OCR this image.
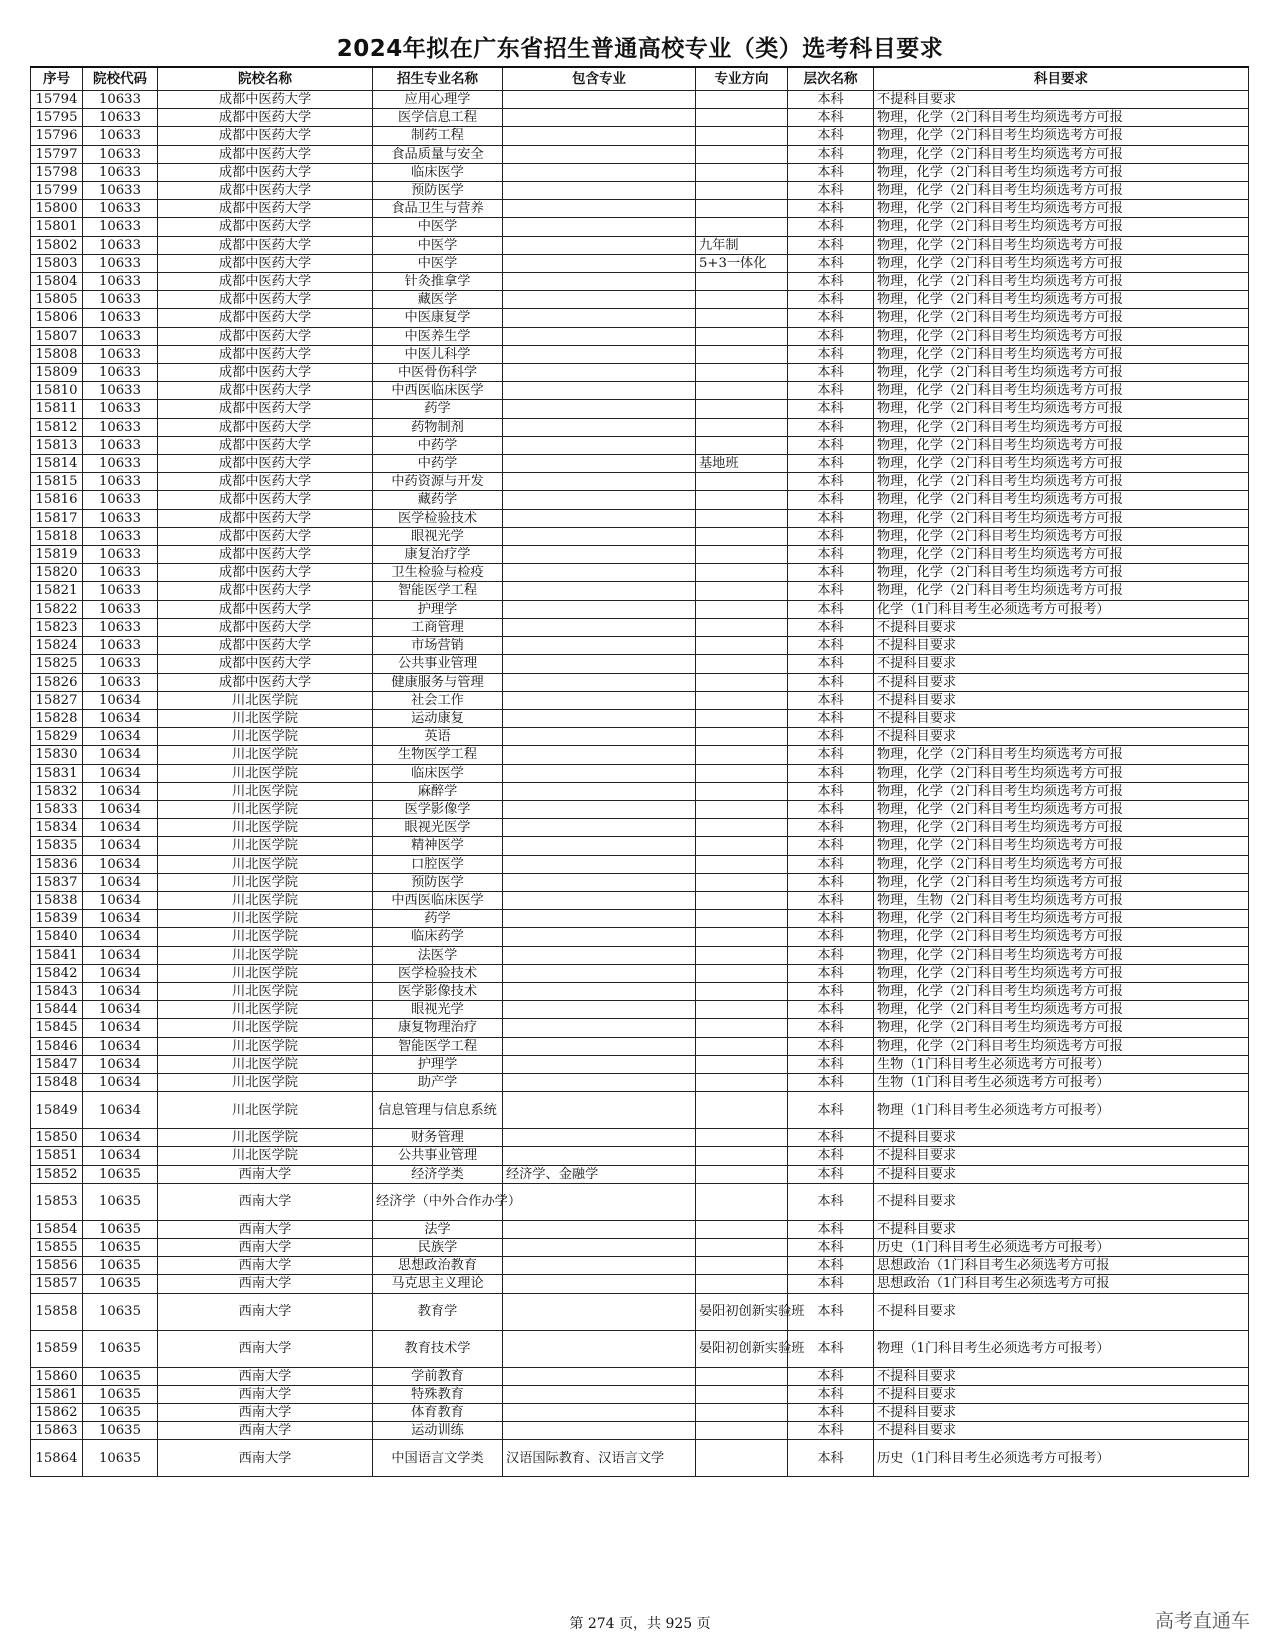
2024年拟在广东省招生普通高校专业（类）选考科目要求
序号	院校代码	院校名称	招生专业名称	包含专业	专业方向	层次名称	科目要求
15794	10633	成都中医药大学	应用心理学			本科	不提科目要求
15795	10633	成都中医药大学	医学信息工程			本科	物理，化学（2门科目考生均须选考方可报
15796	10633	成都中医药大学	制药工程			本科	物理，化学（2门科目考生均须选考方可报
15797	10633	成都中医药大学	食品质量与安全			本科	物理，化学（2门科目考生均须选考方可报
15798	10633	成都中医药大学	临床医学			本科	物理，化学（2门科目考生均须选考方可报
15799	10633	成都中医药大学	预防医学			本科	物理，化学（2门科目考生均须选考方可报
15800	10633	成都中医药大学	食品卫生与营养			本科	物理，化学（2门科目考生均须选考方可报
15801	10633	成都中医药大学	中医学			本科	物理，化学（2门科目考生均须选考方可报
15802	10633	成都中医药大学	中医学		九年制	本科	物理，化学（2门科目考生均须选考方可报
15803	10633	成都中医药大学	中医学		5+3一体化	本科	物理，化学（2门科目考生均须选考方可报
15804	10633	成都中医药大学	针灸推拿学			本科	物理，化学（2门科目考生均须选考方可报
15805	10633	成都中医药大学	藏医学			本科	物理，化学（2门科目考生均须选考方可报
15806	10633	成都中医药大学	中医康复学			本科	物理，化学（2门科目考生均须选考方可报
15807	10633	成都中医药大学	中医养生学			本科	物理，化学（2门科目考生均须选考方可报
15808	10633	成都中医药大学	中医儿科学			本科	物理，化学（2门科目考生均须选考方可报
15809	10633	成都中医药大学	中医骨伤科学			本科	物理，化学（2门科目考生均须选考方可报
15810	10633	成都中医药大学	中西医临床医学			本科	物理，化学（2门科目考生均须选考方可报
15811	10633	成都中医药大学	药学			本科	物理，化学（2门科目考生均须选考方可报
15812	10633	成都中医药大学	药物制剂			本科	物理，化学（2门科目考生均须选考方可报
15813	10633	成都中医药大学	中药学			本科	物理，化学（2门科目考生均须选考方可报
15814	10633	成都中医药大学	中药学		基地班	本科	物理，化学（2门科目考生均须选考方可报
15815	10633	成都中医药大学	中药资源与开发			本科	物理，化学（2门科目考生均须选考方可报
15816	10633	成都中医药大学	藏药学			本科	物理，化学（2门科目考生均须选考方可报
15817	10633	成都中医药大学	医学检验技术			本科	物理，化学（2门科目考生均须选考方可报
15818	10633	成都中医药大学	眼视光学			本科	物理，化学（2门科目考生均须选考方可报
15819	10633	成都中医药大学	康复治疗学			本科	物理，化学（2门科目考生均须选考方可报
15820	10633	成都中医药大学	卫生检验与检疫			本科	物理，化学（2门科目考生均须选考方可报
15821	10633	成都中医药大学	智能医学工程			本科	物理，化学（2门科目考生均须选考方可报
15822	10633	成都中医药大学	护理学			本科	化学（1门科目考生必须选考方可报考）
15823	10633	成都中医药大学	工商管理			本科	不提科目要求
15824	10633	成都中医药大学	市场营销			本科	不提科目要求
15825	10633	成都中医药大学	公共事业管理			本科	不提科目要求
15826	10633	成都中医药大学	健康服务与管理			本科	不提科目要求
15827	10634	川北医学院	社会工作			本科	不提科目要求
15828	10634	川北医学院	运动康复			本科	不提科目要求
15829	10634	川北医学院	英语			本科	不提科目要求
15830	10634	川北医学院	生物医学工程			本科	物理，化学（2门科目考生均须选考方可报
15831	10634	川北医学院	临床医学			本科	物理，化学（2门科目考生均须选考方可报
15832	10634	川北医学院	麻醉学			本科	物理，化学（2门科目考生均须选考方可报
15833	10634	川北医学院	医学影像学			本科	物理，化学（2门科目考生均须选考方可报
15834	10634	川北医学院	眼视光医学			本科	物理，化学（2门科目考生均须选考方可报
15835	10634	川北医学院	精神医学			本科	物理，化学（2门科目考生均须选考方可报
15836	10634	川北医学院	口腔医学			本科	物理，化学（2门科目考生均须选考方可报
15837	10634	川北医学院	预防医学			本科	物理，化学（2门科目考生均须选考方可报
15838	10634	川北医学院	中西医临床医学			本科	物理，生物（2门科目考生均须选考方可报
15839	10634	川北医学院	药学			本科	物理，化学（2门科目考生均须选考方可报
15840	10634	川北医学院	临床药学			本科	物理，化学（2门科目考生均须选考方可报
15841	10634	川北医学院	法医学			本科	物理，化学（2门科目考生均须选考方可报
15842	10634	川北医学院	医学检验技术			本科	物理，化学（2门科目考生均须选考方可报
15843	10634	川北医学院	医学影像技术			本科	物理，化学（2门科目考生均须选考方可报
15844	10634	川北医学院	眼视光学			本科	物理，化学（2门科目考生均须选考方可报
15845	10634	川北医学院	康复物理治疗			本科	物理，化学（2门科目考生均须选考方可报
15846	10634	川北医学院	智能医学工程			本科	物理，化学（2门科目考生均须选考方可报
15847	10634	川北医学院	护理学			本科	生物（1门科目考生必须选考方可报考）
15848	10634	川北医学院	助产学			本科	生物（1门科目考生必须选考方可报考）
15849	10634	川北医学院	信息管理与信息系统			本科	物理（1门科目考生必须选考方可报考）
15850	10634	川北医学院	财务管理			本科	不提科目要求
15851	10634	川北医学院	公共事业管理			本科	不提科目要求
15852	10635	西南大学	经济学类	经济学、金融学		本科	不提科目要求
15853	10635	西南大学	经济学（中外合作办学）			本科	不提科目要求
15854	10635	西南大学	法学			本科	不提科目要求
15855	10635	西南大学	民族学			本科	历史（1门科目考生必须选考方可报考）
15856	10635	西南大学	思想政治教育			本科	思想政治（1门科目考生必须选考方可报
15857	10635	西南大学	马克思主义理论			本科	思想政治（1门科目考生必须选考方可报
15858	10635	西南大学	教育学		晏阳初创新实验班	本科	不提科目要求
15859	10635	西南大学	教育技术学		晏阳初创新实验班	本科	物理（1门科目考生必须选考方可报考）
15860	10635	西南大学	学前教育			本科	不提科目要求
15861	10635	西南大学	特殊教育			本科	不提科目要求
15862	10635	西南大学	体育教育			本科	不提科目要求
15863	10635	西南大学	运动训练			本科	不提科目要求
15864	10635	西南大学	中国语言文学类	汉语国际教育、汉语言文学		本科	历史（1门科目考生必须选考方可报考）
第 274 页，共 925 页	高考直通车
